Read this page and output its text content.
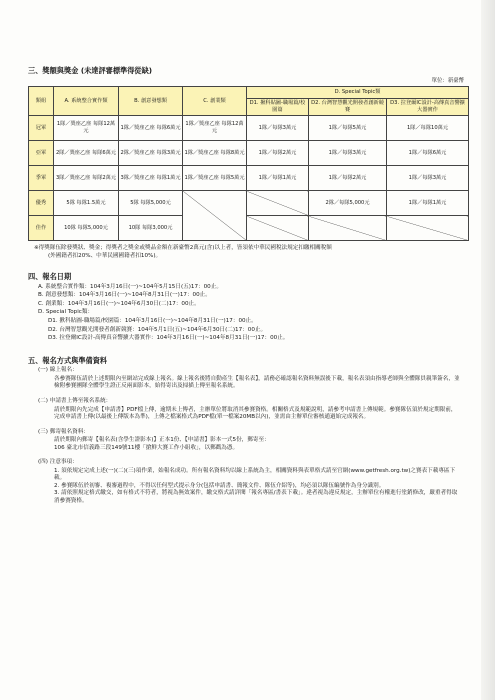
三、獎額與獎金 (未達評審標準得從缺)
單位：新臺幣
類組	A. 系統整合實作類	B. 創意發想類	C. 創業類	D. Special Topic類		
				D1. 揪科貼圖-職場篇/校園篇	D2. 台灣智慧觀光開發者創新競賽	D3. 拉登爾IC設計-高傳真音響擴大器實作
冠軍	1隊／獎座乙座 每隊12萬元	1隊／獎座乙座 每隊6萬元	1隊／獎座乙座 每隊12萬元	1隊／每隊3萬元	1隊／每隊5萬元	1隊／每隊10萬元
亞軍	2隊／獎座乙座 每隊6萬元	2隊／獎座乙座 每隊3萬元	1隊／獎座乙座 每隊8萬元	1隊／每隊2萬元	1隊／每隊3萬元	1隊／每隊6萬元
季軍	3隊／獎座乙座 每隊2萬元	3隊／獎座乙座 每隊1萬元	1隊／獎座乙座 每隊5萬元	1隊／每隊1萬元	1隊／每隊2萬元	1隊／每隊3萬元
優秀	5隊 每隊1.5萬元	5隊 每隊5,000元			2隊／每隊5,000元	1隊／每隊1萬元
佳作	10隊 每隊5,000元	10隊 每隊3,000元				
※得獎隊伍除發獎狀、獎金；得獎者之獎金或獎品金額在新臺幣2萬元(含)以上者，皆須依中華民國稅法規定扣繳相關稅額
(外國籍者扣20%、中華民國國籍者扣10%)。
四、報名日期
A. 系統整合實作類：104年3月16日(一)~104年5月15日(五)17：00止。
B. 創意發想類：104年3月16日(一)~104年8月31日(一)17：00止。
C. 創業類：104年3月16日(一)~104年6月30日(二)17：00止。
D. Special Topic類：
D1. 揪科貼圖-職場篇/校園篇：104年3月16日(一)~104年8月31日(一)17：00止。
D2. 台灣智慧觀光開發者創新競賽：104年5月1日(五)~104年6月30日(二)17：00止。
D3. 拉登爾IC設計-高傳真音響擴大器實作：104年3月16日(一)~104年8月31日(一)17：00止。
五、報名方式與準備資料
(一) 線上報名：
各參賽隊伍請於上述期限內至網站完成線上報名。線上報名後將自動產生【報名表】，請務必確認報名資料無誤後下載，報名表須由指導老師與全體隊員親筆簽名，並檢附參賽團隊全體學生證正反兩面影本，始得寄出及掃描上傳至報名系統。
(二) 申請書上傳至報名系統：
請於期限內先完成【申請書】PDF檔上傳，逾期未上傳者，主辦單位將取消其參賽資格。相關格式及規範說明，請參考申請書上傳規範。參賽隊伍須於規定期限前，完成申請書上傳(以最後上傳版本為準)，上傳之檔案格式為PDF檔(單一檔案20MB以內)，並需由主辦單位審核通過始完成報名。
(三) 郵寄報名資料：
請於期限內郵寄【報名表(含學生證影本)】正本1份、【申請書】影本一式5份，郵寄至：
106 臺北市信義路三段149號11樓「搶鮮大賽工作小組收」，以郵戳為憑。
(四) 注意事項：
1. 須依規定完成上述(一)(二)(三)項作業，始報名成功。所有報名資料均以線上系統為主，相關資料與表單格式請至官網(www.getfresh.org.tw)之賽表下載專區下載。
2. 參賽隊伍於初審、複審過程中，不得以任何型式提示身分(包括申請書、簡報文件、隊伍介紹等)，均必須以隊伍編號作為身分識別。
3. 請依照規定格式繳交，如有格式不符者，將視為無效案件，繳交格式請詳閱「報名專區/書表下載」。違者視為違反規定，主辦單位有權進行塗銷修改，嚴重者得取消參賽資格。
